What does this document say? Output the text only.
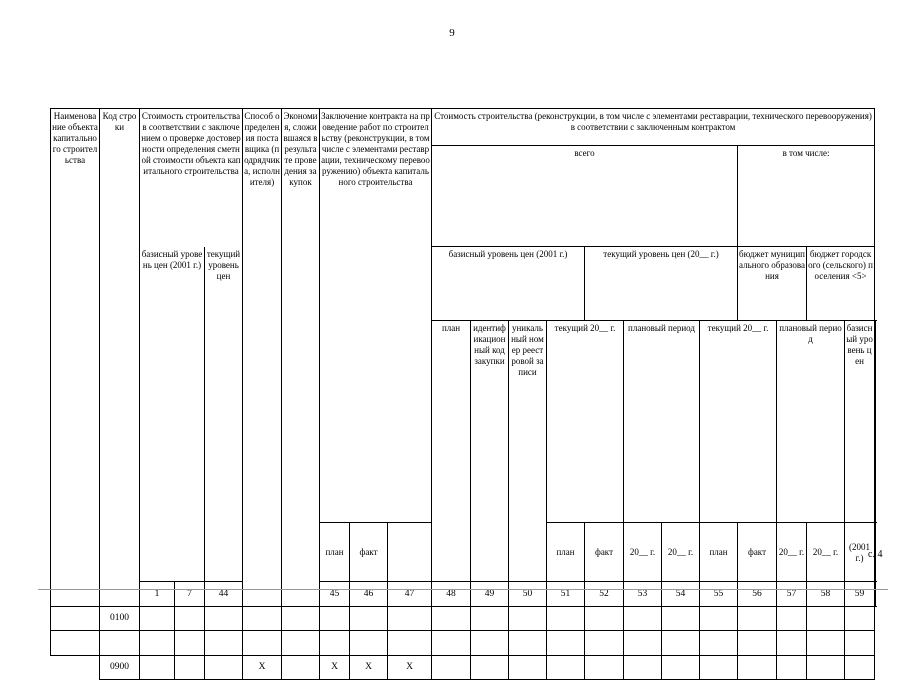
9
Наименование объекта капитального строительства	Код строки	Стоимость строительства в соответствии с заключением о проверке достоверности определения сметной стоимости объекта капитального строительства			Способ определения поставщика (подрядчика, исполнителя)	Экономия, сложившаяся в результате проведения закупок	Заключение контракта на проведение работ по строительству (реконструкции, в том числе с элементами реставрации, техническому перевооружению) объекта капитального строительства			Стоимость строительства (реконструкции, в том числе с элементами реставрации, технического перевооружения) в соответствии с заключенным контрактом												
										всего								в том числе:				
		базисный уровень цен (2001 г.)		текущий уровень цен						базисный уровень цен (2001 г.)				текущий уровень цен (20__ г.)				бюджет муниципального образования		бюджет городского (сельского) поселения <5>		
										план	идентификационный код закупки	уникальный номер реестровой записи	текущий 20__ г.		плановый период		текущий 20__ г.		плановый период		базисный уровень цен			
							план	факт					план	факт	20__ г.	20__ г.	план	факт	20__ г.	20__ г.	(2001 г.)			
		1	7	44			45	46	47	48	49	50	51	52	53	54	55	56	57	58	59				
	0100																					

	0900				X		X	X	X													
с. 4
